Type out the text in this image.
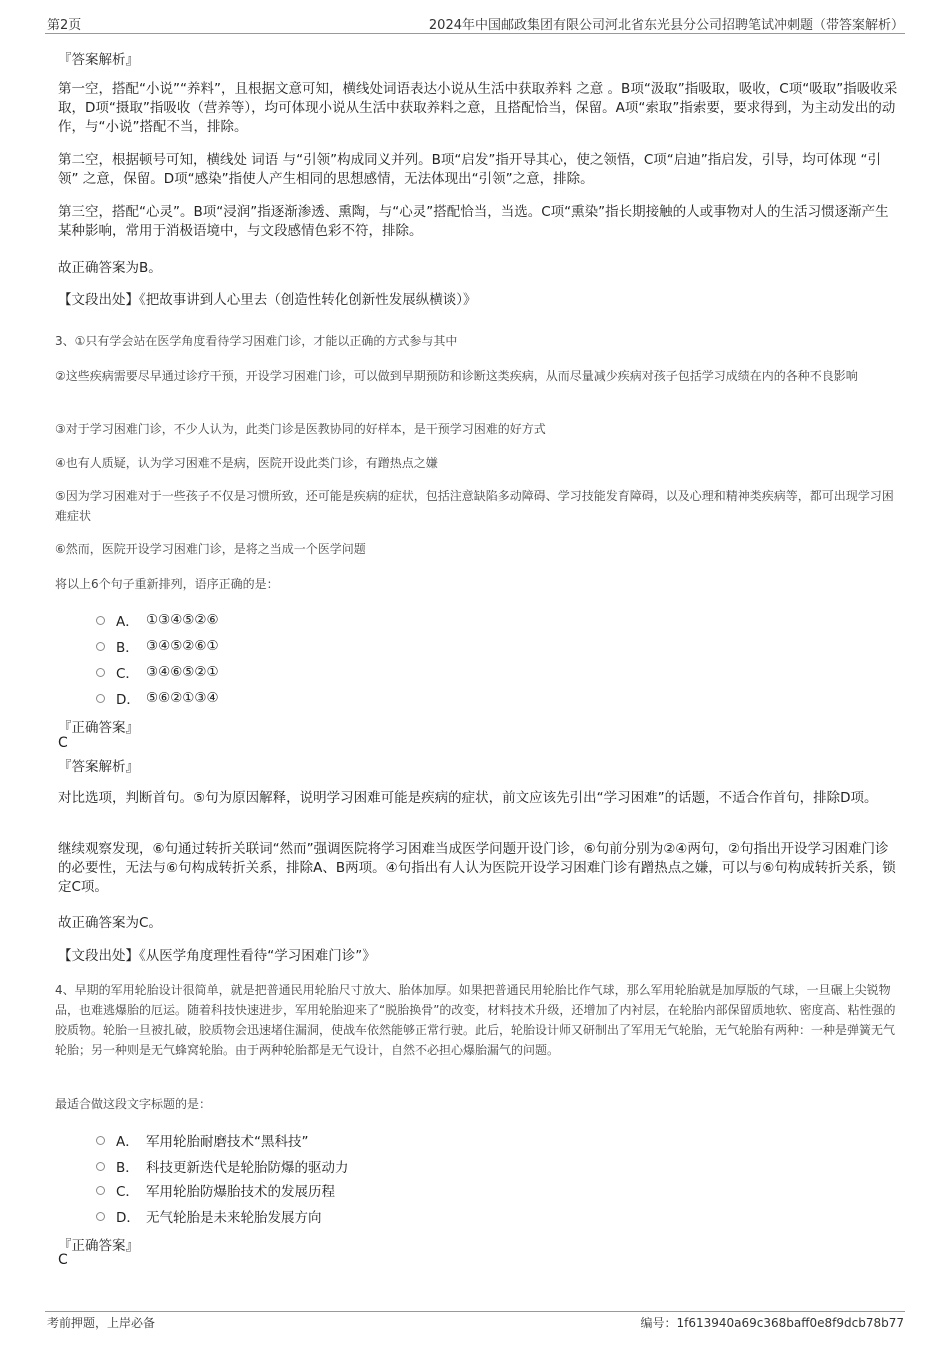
第2页	2024年中国邮政集团有限公司河北省东光县分公司招聘笔试冲刺题（带答案解析）
『答案解析』
第一空，搭配“小说”“养料”，且根据文意可知，横线处词语表达小说从生活中获取养料 之意 。B项“汲取”指吸取，吸收，C项“吸取”指吸收采取，D项“摄取”指吸收（营养等），均可体现小说从生活中获取养料之意，且搭配恰当，保留。A项“索取”指索要，要求得到，为主动发出的动作，与“小说”搭配不当，排除。
第二空，根据顿号可知，横线处 词语 与“引领”构成同义并列。B项“启发”指开导其心，使之领悟，C项“启迪”指启发，引导，均可体现 “引领” 之意，保留。D项“感染”指使人产生相同的思想感情，无法体现出“引领”之意，排除。
第三空，搭配“心灵”。B项“浸润”指逐渐渗透、熏陶，与“心灵”搭配恰当，当选。C项“熏染”指长期接触的人或事物对人的生活习惯逐渐产生某种影响，常用于消极语境中，与文段感情色彩不符，排除。
故正确答案为B。
【文段出处】《把故事讲到人心里去（创造性转化创新性发展纵横谈）》
3、①只有学会站在医学角度看待学习困难门诊，才能以正确的方式参与其中
②这些疾病需要尽早通过诊疗干预，开设学习困难门诊，可以做到早期预防和诊断这类疾病，从而尽量减少疾病对孩子包括学习成绩在内的各种不良影响
③对于学习困难门诊，不少人认为，此类门诊是医教协同的好样本，是干预学习困难的好方式
④也有人质疑，认为学习困难不是病，医院开设此类门诊，有蹭热点之嫌
⑤因为学习困难对于一些孩子不仅是习惯所致，还可能是疾病的症状，包括注意缺陷多动障碍、学习技能发育障碍，以及心理和精神类疾病等，都可出现学习困难症状
⑥然而，医院开设学习困难门诊，是将之当成一个医学问题
将以上6个句子重新排列，语序正确的是：
A． ①③④⑤②⑥
B． ③④⑤②⑥①
C． ③④⑥⑤②①
D． ⑤⑥②①③④
『正确答案』
C
『答案解析』
对比选项，判断首句。⑤句为原因解释，说明学习困难可能是疾病的症状，前文应该先引出“学习困难”的话题，不适合作首句，排除D项。
继续观察发现，⑥句通过转折关联词“然而”强调医院将学习困难当成医学问题开设门诊，⑥句前分别为②④两句，②句指出开设学习困难门诊的必要性，无法与⑥句构成转折关系，排除A、B两项。④句指出有人认为医院开设学习困难门诊有蹭热点之嫌，可以与⑥句构成转折关系，锁定C项。
故正确答案为C。
【文段出处】《从医学角度理性看待“学习困难门诊”》
4、早期的军用轮胎设计很简单，就是把普通民用轮胎尺寸放大、胎体加厚。如果把普通民用轮胎比作气球，那么军用轮胎就是加厚版的气球，一旦碾上尖锐物品，也难逃爆胎的厄运。随着科技快速进步，军用轮胎迎来了“脱胎换骨”的改变，材料技术升级，还增加了内衬层，在轮胎内部保留质地软、密度高、粘性强的胶质物。轮胎一旦被扎破，胶质物会迅速堵住漏洞，使战车依然能够正常行驶。此后，轮胎设计师又研制出了军用无气轮胎，无气轮胎有两种：一种是弹簧无气轮胎；另一种则是无气蜂窝轮胎。由于两种轮胎都是无气设计，自然不必担心爆胎漏气的问题。
最适合做这段文字标题的是：
A． 军用轮胎耐磨技术“黑科技”
B． 科技更新迭代是轮胎防爆的驱动力
C． 军用轮胎防爆胎技术的发展历程
D． 无气轮胎是未来轮胎发展方向
『正确答案』
C
考前押题，上岸必备	编号：1f613940a69c368baff0e8f9dcb78b77
